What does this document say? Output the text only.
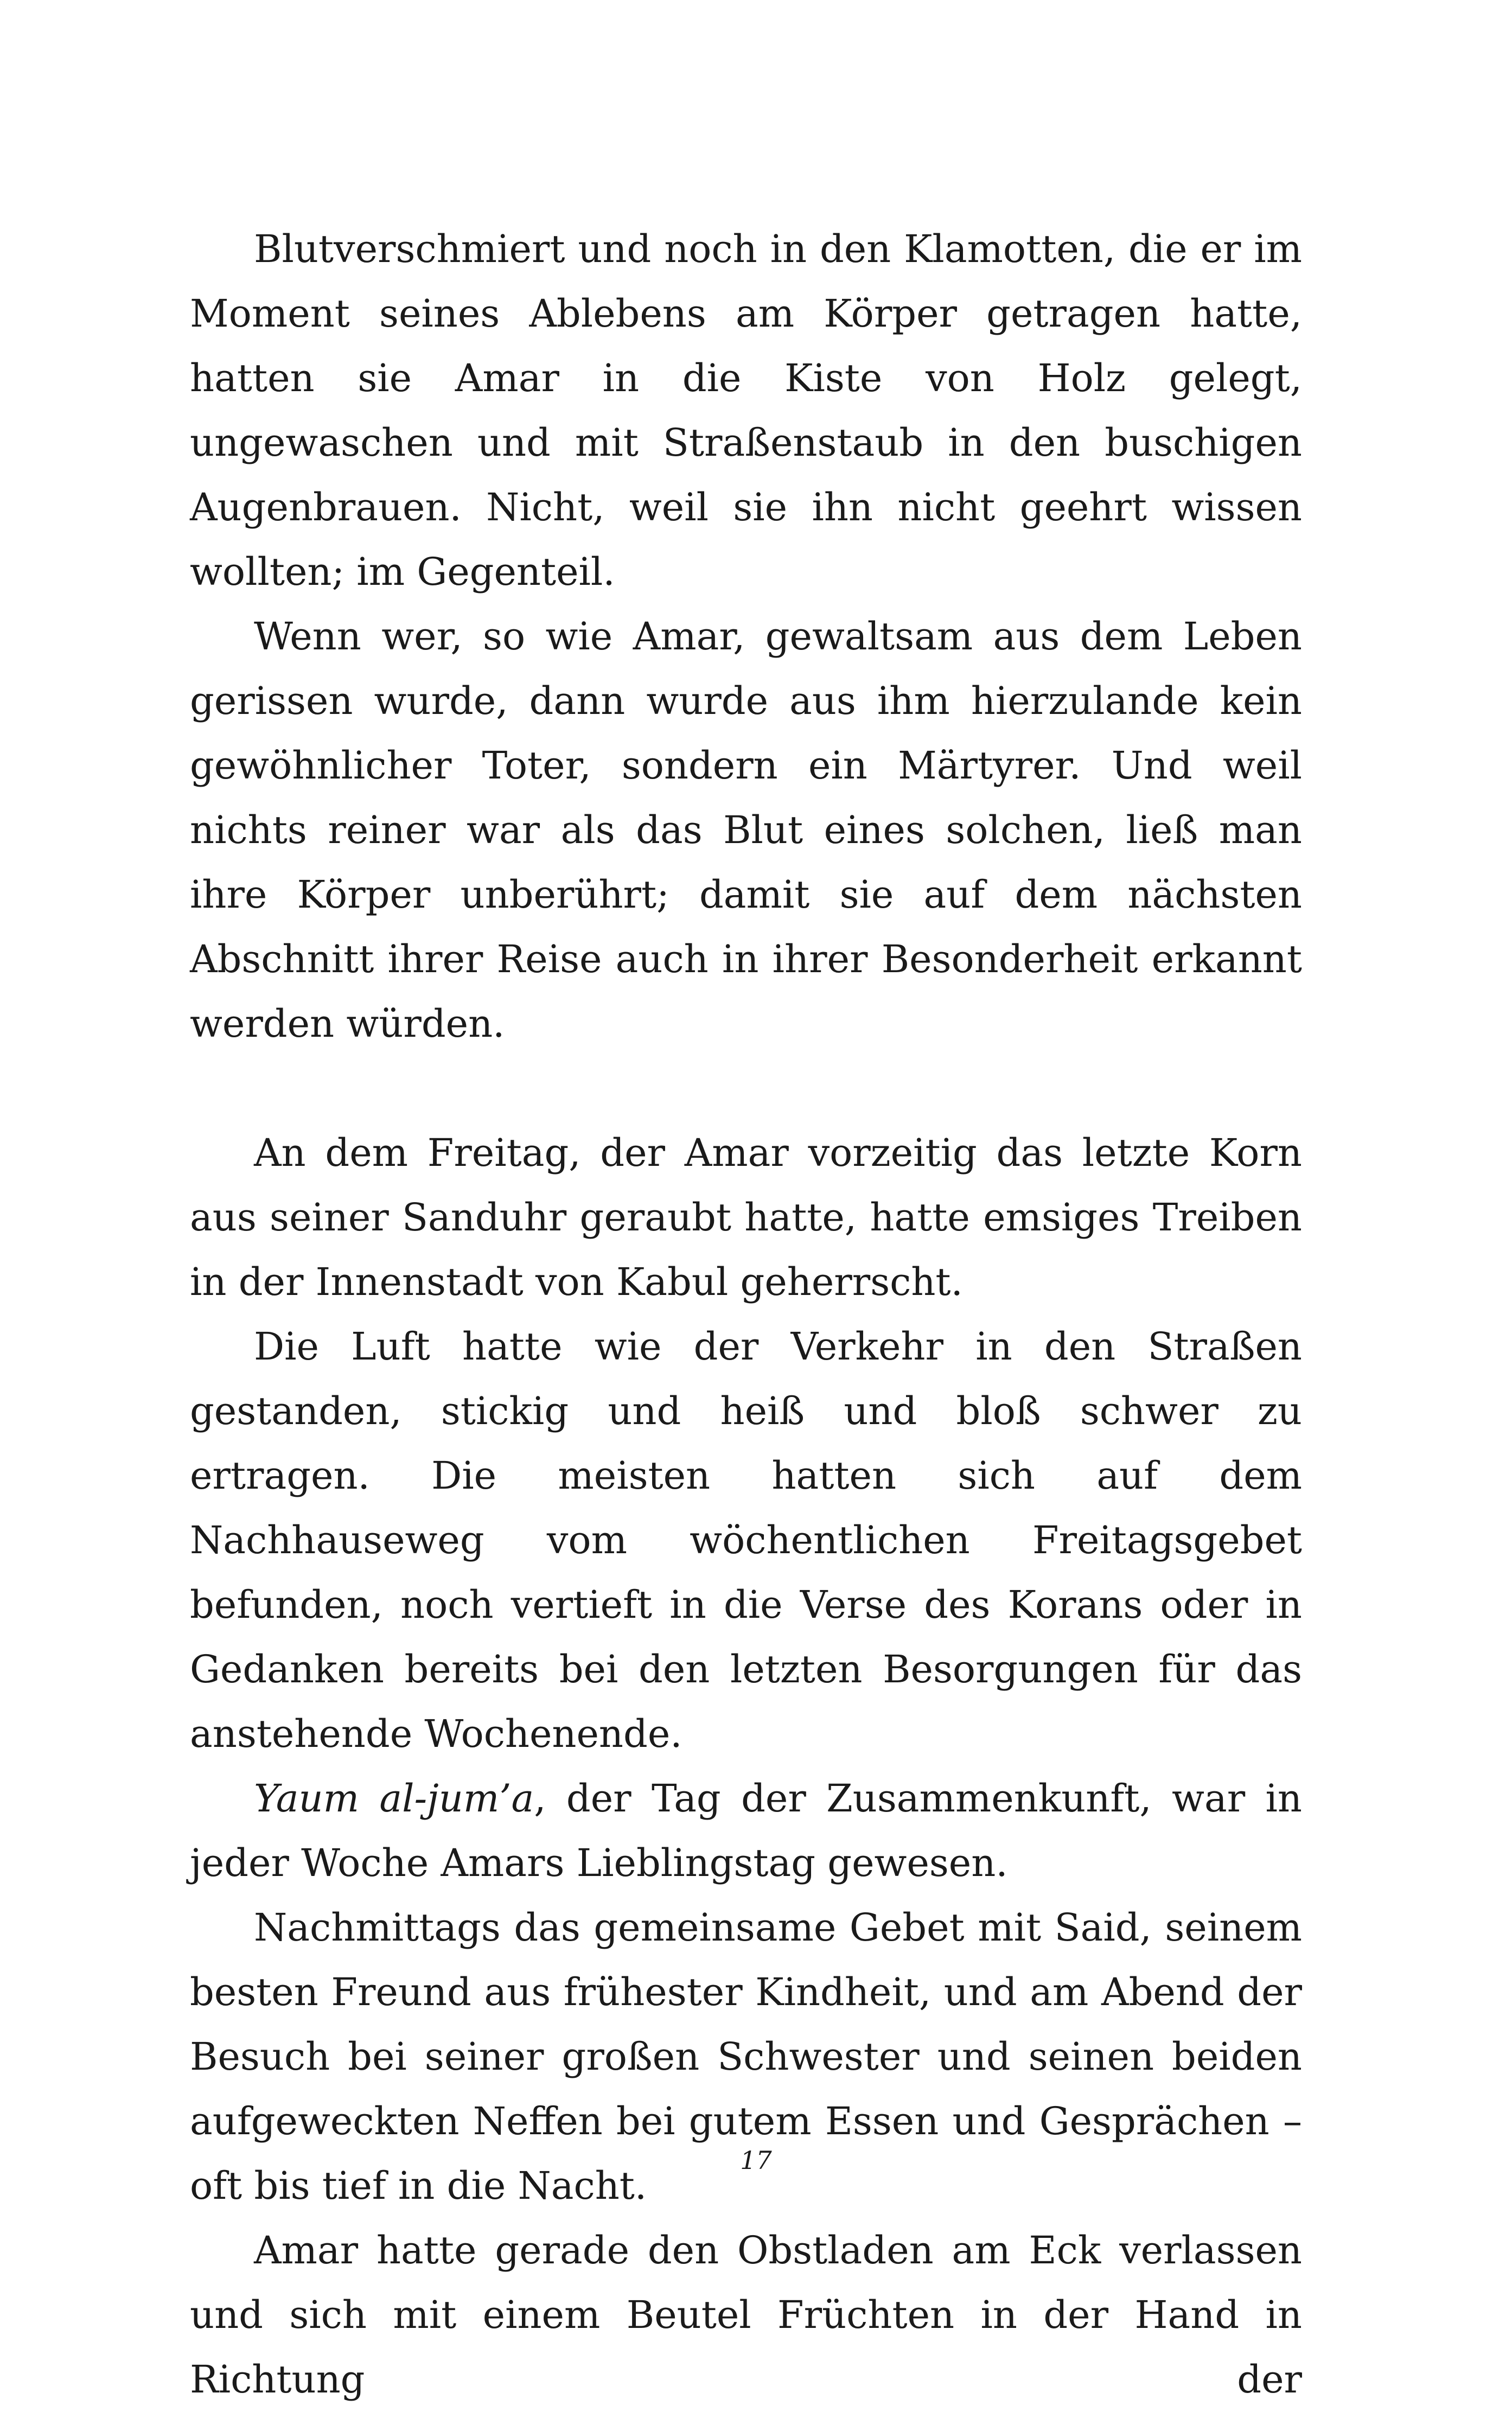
Blutverschmiert und noch in den Klamotten, die er im Moment seines Ablebens am Körper getragen hatte, hatten sie Amar in die Kiste von Holz gelegt, ungewaschen und mit Straßenstaub in den buschigen Augenbrauen. Nicht, weil sie ihn nicht geehrt wissen wollten; im Gegenteil.

Wenn wer, so wie Amar, gewaltsam aus dem Leben gerissen wurde, dann wurde aus ihm hierzulande kein gewöhnlicher Toter, sondern ein Märtyrer. Und weil nichts reiner war als das Blut eines solchen, ließ man ihre Körper unberührt; damit sie auf dem nächsten Abschnitt ihrer Reise auch in ihrer Besonderheit erkannt werden würden.

An dem Freitag, der Amar vorzeitig das letzte Korn aus seiner Sanduhr geraubt hatte, hatte emsiges Treiben in der Innenstadt von Kabul geherrscht.

Die Luft hatte wie der Verkehr in den Straßen gestanden, stickig und heiß und bloß schwer zu ertragen. Die meisten hatten sich auf dem Nachhauseweg vom wöchentlichen Freitagsgebet befunden, noch vertieft in die Verse des Korans oder in Gedanken bereits bei den letzten Besorgungen für das anstehende Wochenende.

Yaum al-jum’a, der Tag der Zusammenkunft, war in jeder Woche Amars Lieblingstag gewesen.

Nachmittags das gemeinsame Gebet mit Said, seinem besten Freund aus frühester Kindheit, und am Abend der Besuch bei seiner großen Schwester und seinen beiden aufgeweckten Neffen bei gutem Essen und Gesprächen – oft bis tief in die Nacht.

Amar hatte gerade den Obstladen am Eck verlassen und sich mit einem Beutel Früchten in der Hand in Richtung der

17
